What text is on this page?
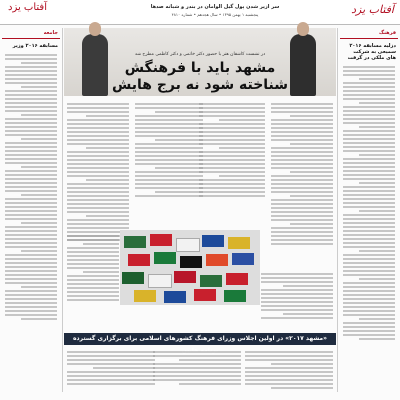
آفتاب یزد
آفتاب یزد	سر ازیر شدن پول گیل الوامان در بندر و شبانه صدها
پنجشنبه ۱ بهمن ۱۳۹۵ • سال هجدهم • شماره ۴۸۱۰
فرهنگ
دزلیه مسابقه ۲۰۱۶ سمیعی به شرکت های ملکی در گرفت
جامعه
مسابقه ۲۰۱۶ وزیر
در نشست کاشفان هنر با حضور دکتر خاتمی و دکتر کاظمی مطرح شد
مشهد باید با فرهنگش شناخته شود نه برج هایش
«مشهد ۲۰۱۷» در اولین اجلاس وزرای فرهنگ کشورهای اسلامی برای برگزاری گسترده
